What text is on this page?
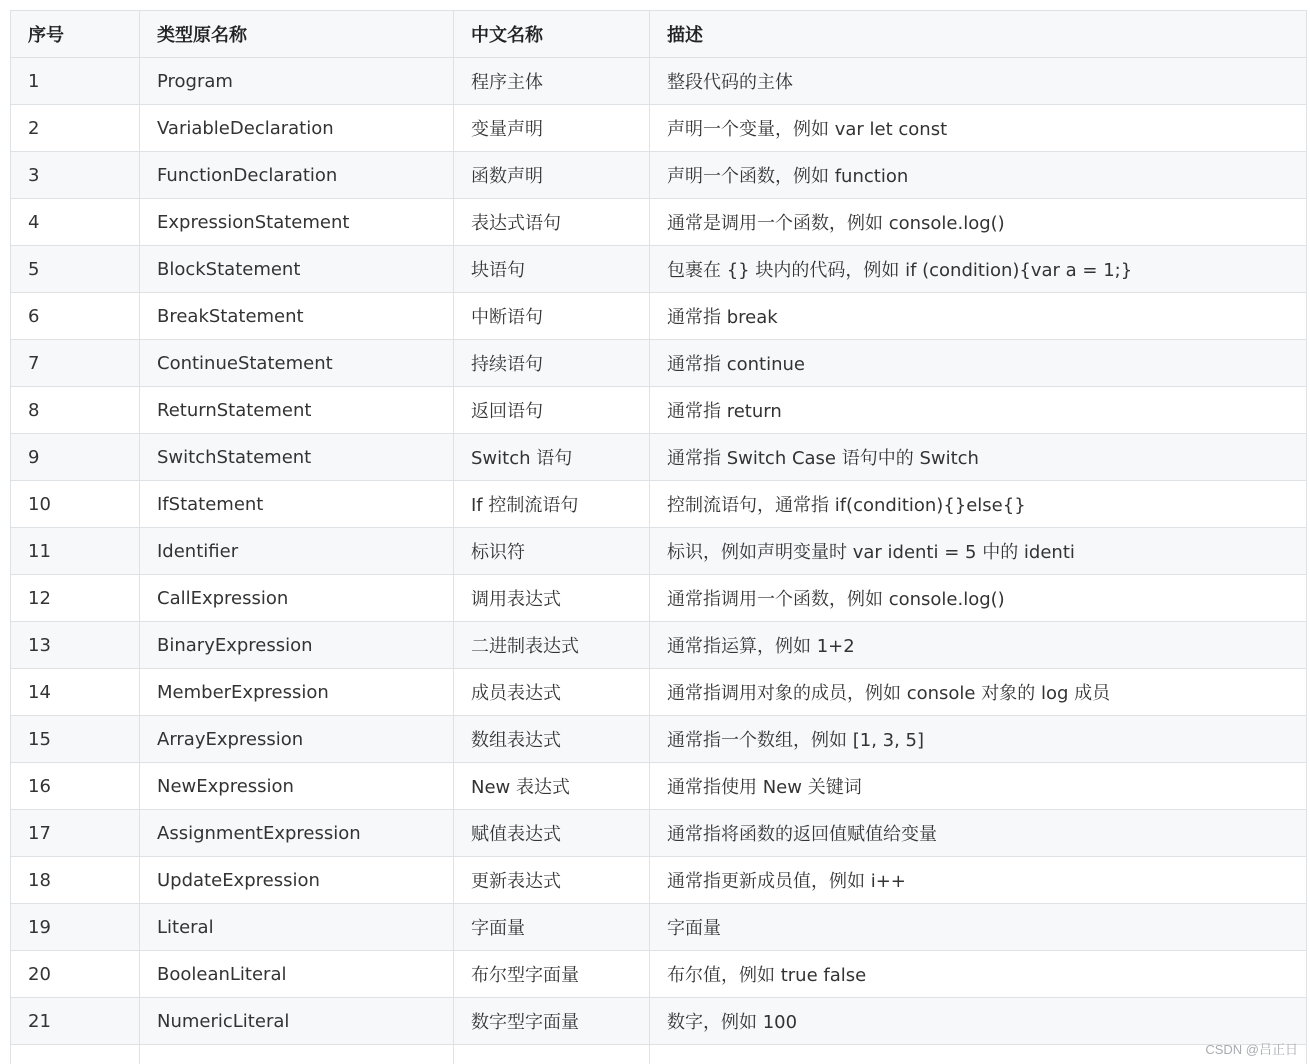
序号	类型原名称	中文名称	描述
1	Program	程序主体	整段代码的主体
2	VariableDeclaration	变量声明	声明一个变量，例如 var let const
3	FunctionDeclaration	函数声明	声明一个函数，例如 function
4	ExpressionStatement	表达式语句	通常是调用一个函数，例如 console.log()
5	BlockStatement	块语句	包裹在 {} 块内的代码，例如 if (condition){var a = 1;}
6	BreakStatement	中断语句	通常指 break
7	ContinueStatement	持续语句	通常指 continue
8	ReturnStatement	返回语句	通常指 return
9	SwitchStatement	Switch 语句	通常指 Switch Case 语句中的 Switch
10	IfStatement	If 控制流语句	控制流语句，通常指 if(condition){}else{}
11	Identifier	标识符	标识，例如声明变量时 var identi = 5 中的 identi
12	CallExpression	调用表达式	通常指调用一个函数，例如 console.log()
13	BinaryExpression	二进制表达式	通常指运算，例如 1+2
14	MemberExpression	成员表达式	通常指调用对象的成员，例如 console 对象的 log 成员
15	ArrayExpression	数组表达式	通常指一个数组，例如 [1, 3, 5]
16	NewExpression	New 表达式	通常指使用 New 关键词
17	AssignmentExpression	赋值表达式	通常指将函数的返回值赋值给变量
18	UpdateExpression	更新表达式	通常指更新成员值，例如 i++
19	Literal	字面量	字面量
20	BooleanLiteral	布尔型字面量	布尔值，例如 true false
21	NumericLiteral	数字型字面量	数字，例如 100

CSDN @吕正日
